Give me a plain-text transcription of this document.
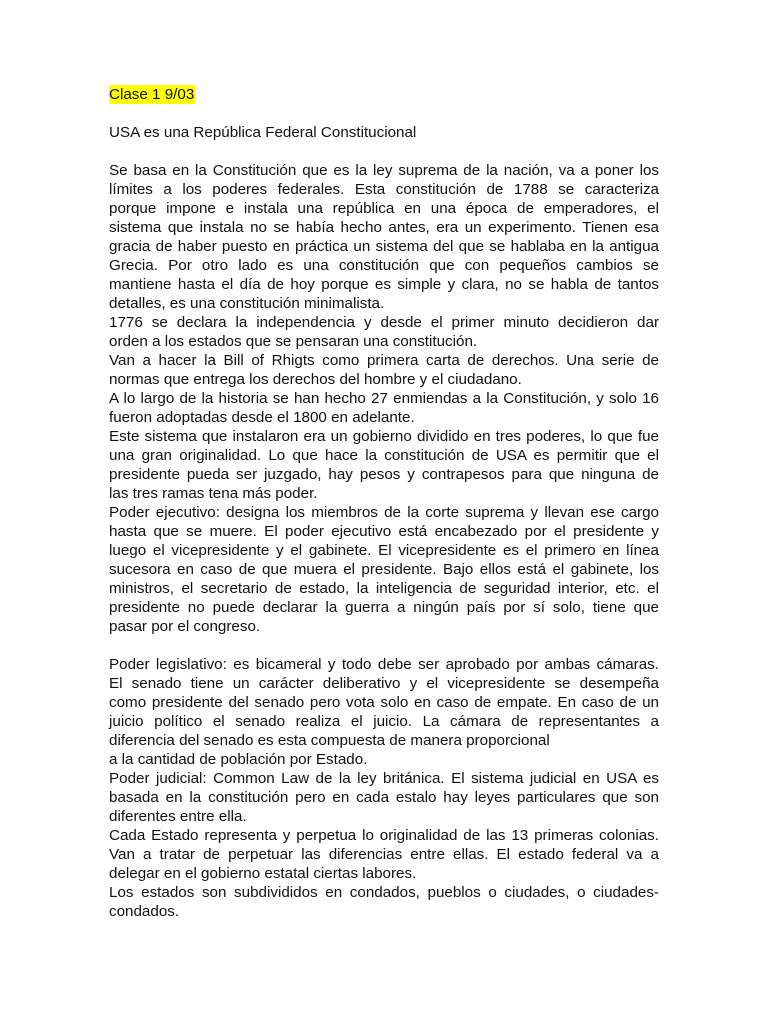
Clase 1 9/03
USA es una República Federal Constitucional
Se basa en la Constitución que es la ley suprema de la nación, va a poner los
límites a los poderes federales. Esta constitución de 1788 se caracteriza
porque impone e instala una república en una época de emperadores, el
sistema que instala no se había hecho antes, era un experimento. Tienen esa
gracia de haber puesto en práctica un sistema del que se hablaba en la antigua
Grecia. Por otro lado es una constitución que con pequeños cambios se
mantiene hasta el día de hoy porque es simple y clara, no se habla de tantos
detalles, es una constitución minimalista.
1776 se declara la independencia y desde el primer minuto decidieron dar
orden a los estados que se pensaran una constitución.
Van a hacer la Bill of Rhigts como primera carta de derechos. Una serie de
normas que entrega los derechos del hombre y el ciudadano.
A lo largo de la historia se han hecho 27 enmiendas a la Constitución, y solo 16
fueron adoptadas desde el 1800 en adelante.
Este sistema que instalaron era un gobierno dividido en tres poderes, lo que fue
una gran originalidad. Lo que hace la constitución de USA es permitir que el
presidente pueda ser juzgado, hay pesos y contrapesos para que ninguna de
las tres ramas tena más poder.
Poder ejecutivo: designa los miembros de la corte suprema y llevan ese cargo
hasta que se muere. El poder ejecutivo está encabezado por el presidente y
luego el vicepresidente y el gabinete. El vicepresidente es el primero en línea
sucesora en caso de que muera el presidente. Bajo ellos está el gabinete, los
ministros, el secretario de estado, la inteligencia de seguridad interior, etc. el
presidente no puede declarar la guerra a ningún país por sí solo, tiene que
pasar por el congreso.
Poder legislativo: es bicameral y todo debe ser aprobado por ambas cámaras.
El senado tiene un carácter deliberativo y el vicepresidente se desempeña
como presidente del senado pero vota solo en caso de empate. En caso de un
juicio político el senado realiza el juicio. La cámara de representantes a
diferencia del senado es esta compuesta de manera proporcional
a la cantidad de población por Estado.
Poder judicial: Common Law de la ley británica. El sistema judicial en USA es
basada en la constitución pero en cada estalo hay leyes particulares que son
diferentes entre ella.
Cada Estado representa y perpetua lo originalidad de las 13 primeras colonias.
Van a tratar de perpetuar las diferencias entre ellas. El estado federal va a
delegar en el gobierno estatal ciertas labores.
Los estados son subdivididos en condados, pueblos o ciudades, o ciudades-
condados.
